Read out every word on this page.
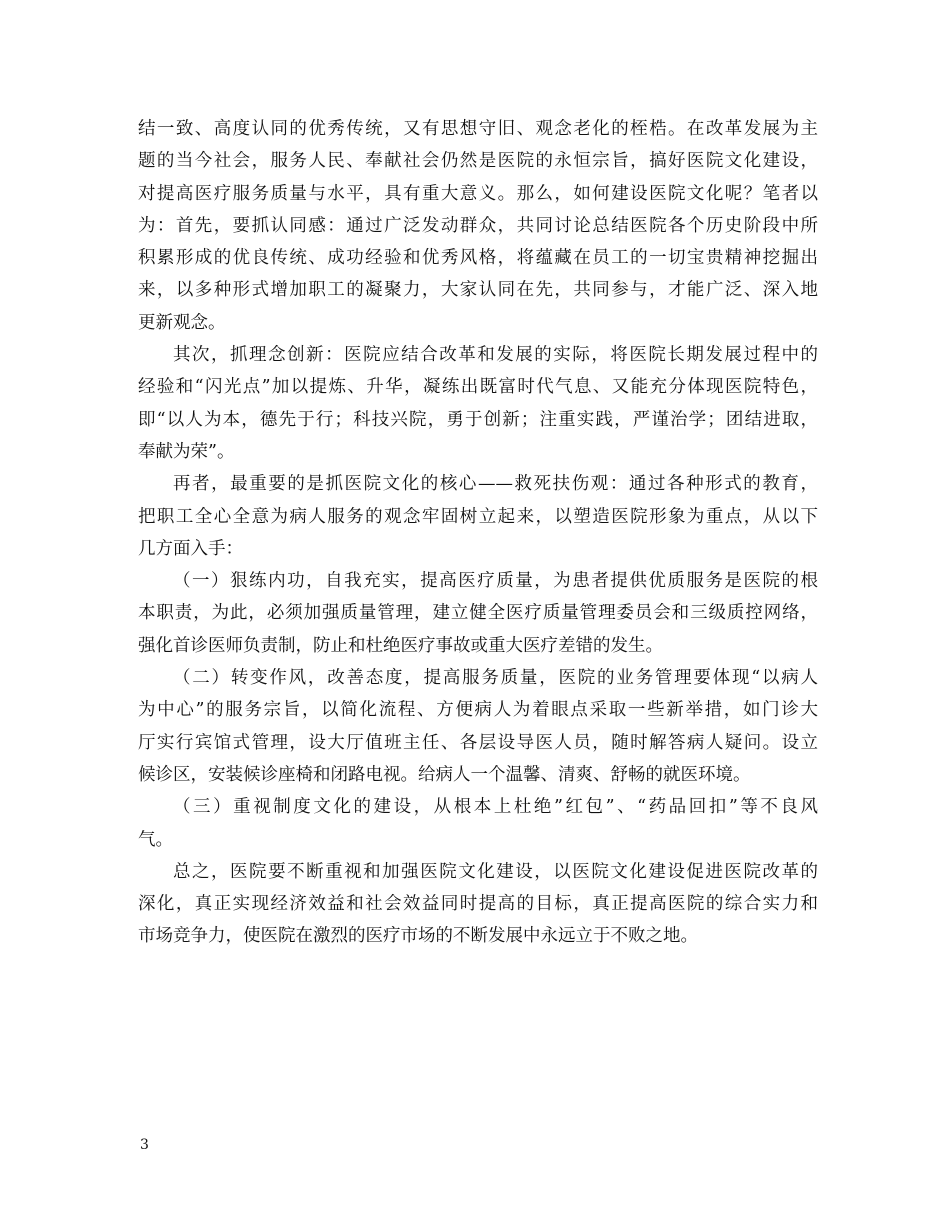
结一致、高度认同的优秀传统，又有思想守旧、观念老化的桎梏。在改革发展为主
题的当今社会，服务人民、奉献社会仍然是医院的永恒宗旨，搞好医院文化建设，
对提高医疗服务质量与水平，具有重大意义。那么，如何建设医院文化呢？笔者以
为：首先，要抓认同感：通过广泛发动群众，共同讨论总结医院各个历史阶段中所
积累形成的优良传统、成功经验和优秀风格，将蕴藏在员工的一切宝贵精神挖掘出
来，以多种形式增加职工的凝聚力，大家认同在先，共同参与，才能广泛、深入地
更新观念。
其次，抓理念创新：医院应结合改革和发展的实际，将医院长期发展过程中的
经验和“闪光点”加以提炼、升华，凝练出既富时代气息、又能充分体现医院特色，
即“以人为本，德先于行；科技兴院，勇于创新；注重实践，严谨治学；团结进取，
奉献为荣”。
再者，最重要的是抓医院文化的核心——救死扶伤观：通过各种形式的教育，
把职工全心全意为病人服务的观念牢固树立起来，以塑造医院形象为重点，从以下
几方面入手：
（一）狠练内功，自我充实，提高医疗质量，为患者提供优质服务是医院的根
本职责，为此，必须加强质量管理，建立健全医疗质量管理委员会和三级质控网络，
强化首诊医师负责制，防止和杜绝医疗事故或重大医疗差错的发生。
（二）转变作风，改善态度，提高服务质量，医院的业务管理要体现“以病人
为中心”的服务宗旨，以简化流程、方便病人为着眼点采取一些新举措，如门诊大
厅实行宾馆式管理，设大厅值班主任、各层设导医人员，随时解答病人疑问。设立
候诊区，安装候诊座椅和闭路电视。给病人一个温馨、清爽、舒畅的就医环境。
（三）重视制度文化的建设，从根本上杜绝”红包”、“药品回扣”等不良风
气。
总之，医院要不断重视和加强医院文化建设，以医院文化建设促进医院改革的
深化，真正实现经济效益和社会效益同时提高的目标，真正提高医院的综合实力和
市场竞争力，使医院在激烈的医疗市场的不断发展中永远立于不败之地。
3
